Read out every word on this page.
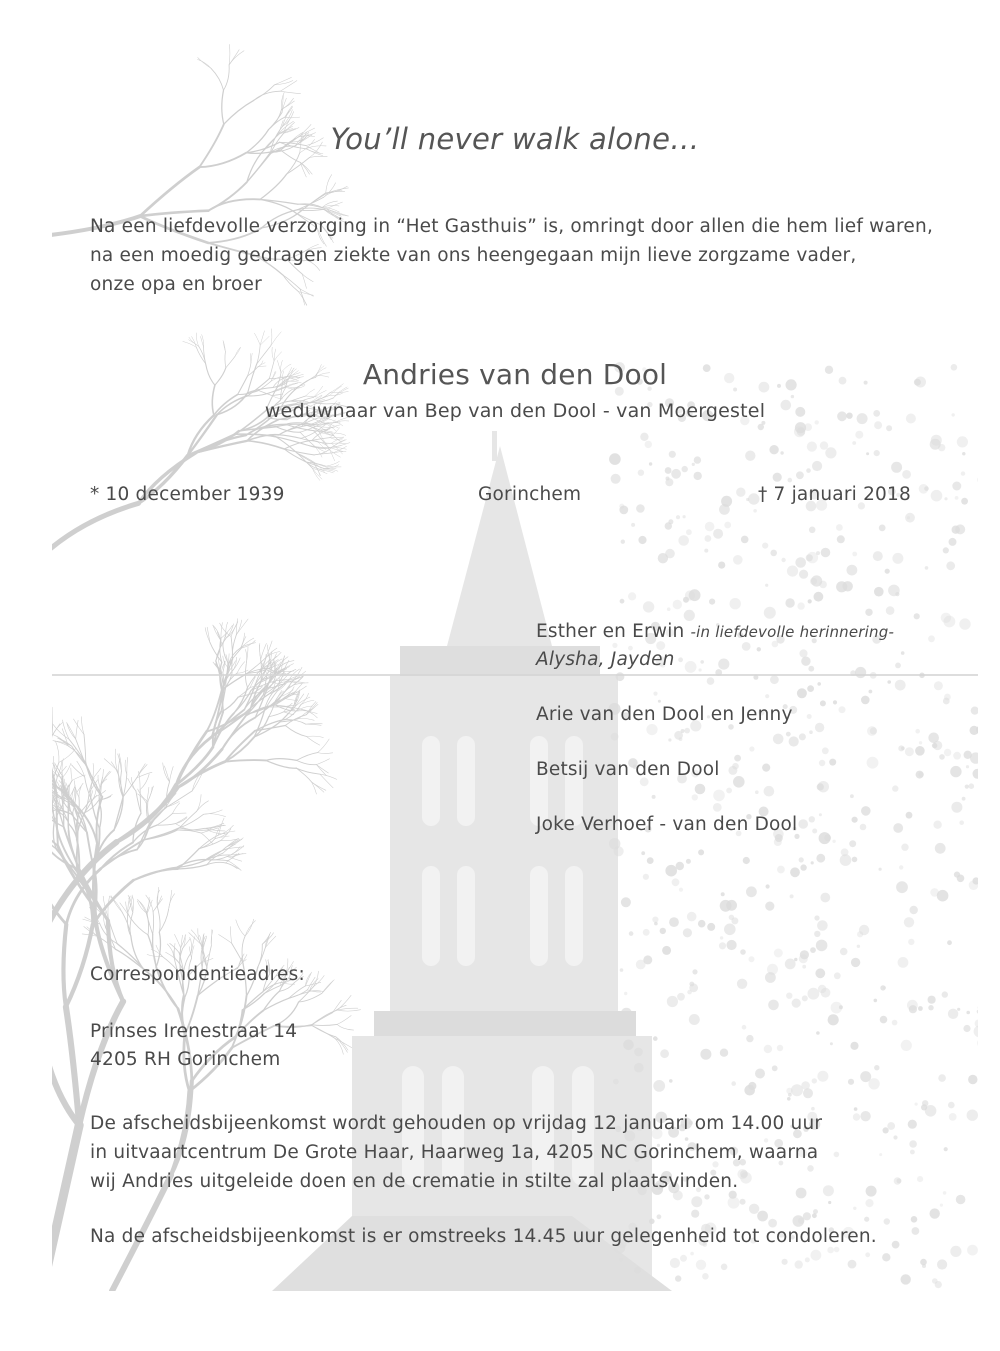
You’ll never walk alone…
Na een liefdevolle verzorging in “Het Gasthuis” is, omringt door allen die hem lief waren,
na een moedig gedragen ziekte van ons heengegaan mijn lieve zorgzame vader,
onze opa en broer
Andries van den Dool
weduwnaar van Bep van den Dool - van Moergestel
* 10 december 1939	Gorinchem	† 7 januari 2018
Esther en Erwin -in liefdevolle herinnering-
Alysha, Jayden
Arie van den Dool en Jenny
Betsij van den Dool
Joke Verhoef - van den Dool
Correspondentieadres:
Prinses Irenestraat 14
4205 RH Gorinchem
De afscheidsbijeenkomst wordt gehouden op vrijdag 12 januari om 14.00 uur
in uitvaartcentrum De Grote Haar, Haarweg 1a, 4205 NC Gorinchem, waarna
wij Andries uitgeleide doen en de crematie in stilte zal plaatsvinden.
Na de afscheidsbijeenkomst is er omstreeks 14.45 uur gelegenheid tot condoleren.
